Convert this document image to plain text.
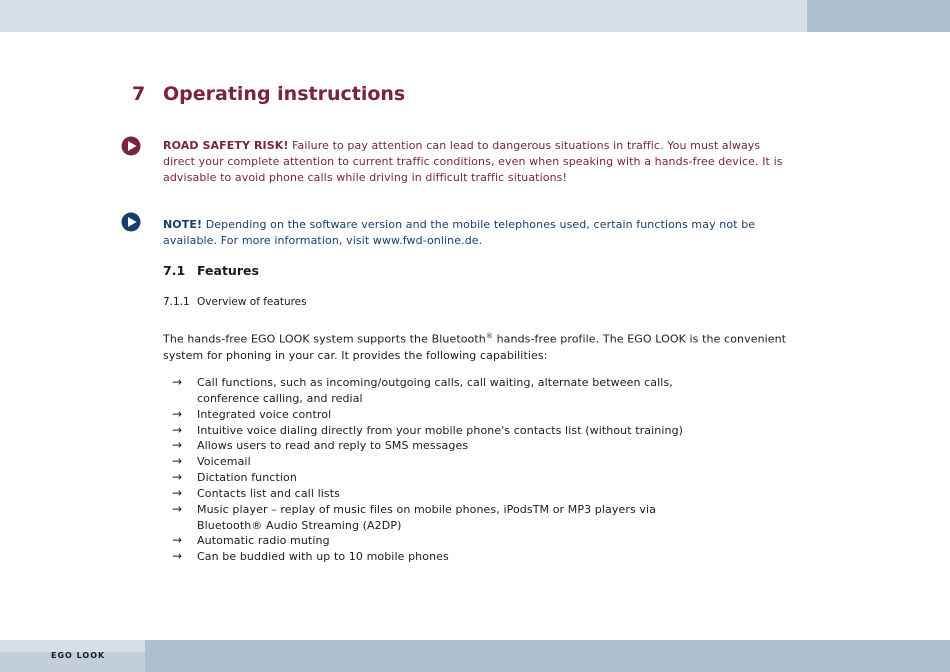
7 Operating instructions
ROAD SAFETY RISK! Failure to pay attention can lead to dangerous situations in traffic. You must always direct your complete attention to current traffic conditions, even when speaking with a hands-free device. It is advisable to avoid phone calls while driving in difficult traffic situations!
NOTE! Depending on the software version and the mobile telephones used, certain functions may not be available. For more information, visit www.fwd-online.de.
7.1 Features
7.1.1 Overview of features
The hands-free EGO LOOK system supports the Bluetooth® hands-free profile. The EGO LOOK is the convenient system for phoning in your car. It provides the following capabilities:
→ Call functions, such as incoming/outgoing calls, call waiting, alternate between calls,
conference calling, and redial
→ Integrated voice control
→ Intuitive voice dialing directly from your mobile phone's contacts list (without training)
→ Allows users to read and reply to SMS messages
→ Voicemail
→ Dictation function
→ Contacts list and call lists
→ Music player – replay of music files on mobile phones, iPodsTM or MP3 players via
Bluetooth® Audio Streaming (A2DP)
→ Automatic radio muting
→ Can be buddied with up to 10 mobile phones
EGO LOOK
